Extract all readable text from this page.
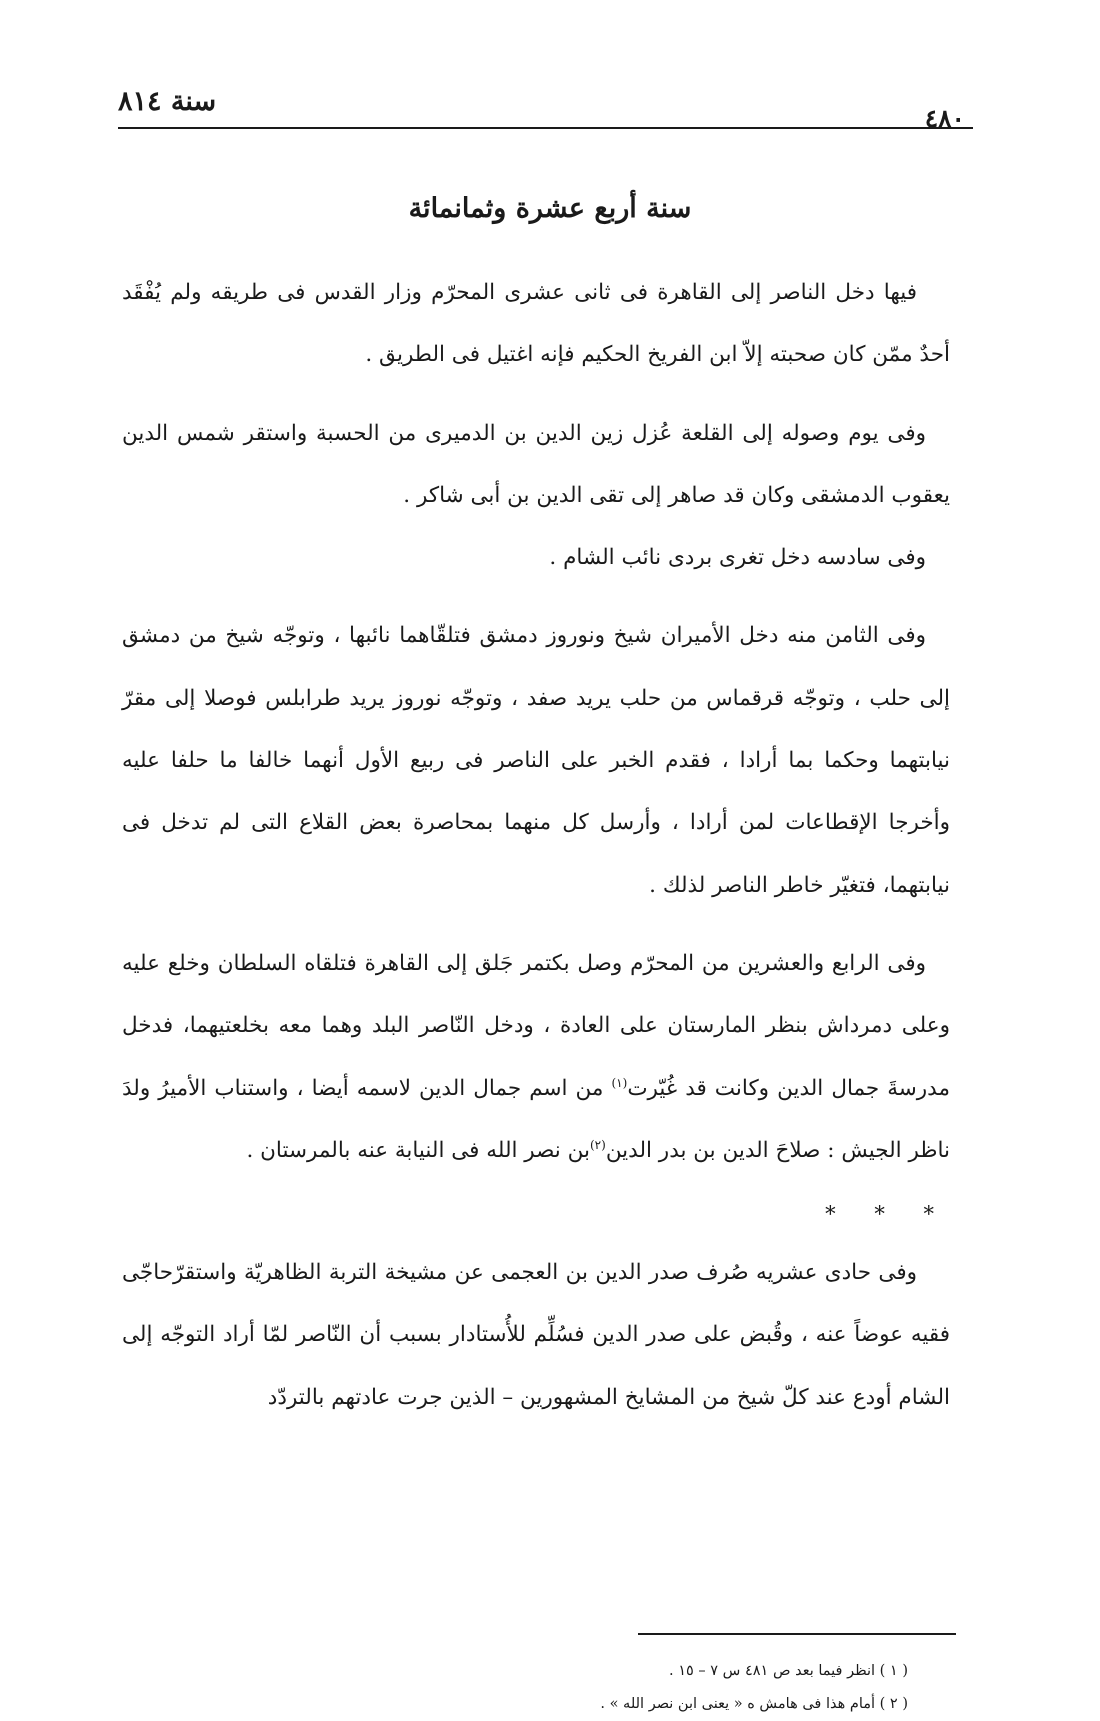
سنة ٨١٤
٤٨٠
سنة أربع عشرة وثمانمائة

فيها دخل الناصر إلى القاهرة فى ثانى عشرى المحرّم وزار القدس فى طريقه ولم يُفْقَد أحدٌ ممّن كان صحبته إلاّ ابن الفريخ الحكيم فإنه اغتيل فى الطريق .

وفى يوم وصوله إلى القلعة عُزل زين الدين بن الدميرى من الحسبة واستقر شمس الدين يعقوب الدمشقى وكان قد صاهر إلى تقى الدين بن أبى شاكر .

وفى سادسه دخل تغرى بردى نائب الشام .

وفى الثامن منه دخل الأميران شيخ ونوروز دمشق فتلقّاهما نائبها ، وتوجّه شيخ من دمشق إلى حلب ، وتوجّه قرقماس من حلب يريد صفد ، وتوجّه نوروز يريد طرابلس فوصلا إلى مقرّ نيابتهما وحكما بما أرادا ، فقدم الخبر على الناصر فى ربيع الأول أنهما خالفا ما حلفا عليه وأخرجا الإقطاعات لمن أرادا ، وأرسل كل منهما بمحاصرة بعض القلاع التى لم تدخل فى نيابتهما، فتغيّر خاطر الناصر لذلك .

وفى الرابع والعشرين من المحرّم وصل بكتمر جَلق إلى القاهرة فتلقاه السلطان وخلع عليه وعلى دمرداش بنظر المارستان على العادة ، ودخل النّاصر البلد وهما معه بخلعتيهما، فدخل مدرسةَ جمال الدين وكانت قد غُيّرت$^{(١)}$ من اسم جمال الدين لاسمه أيضا ، واستناب الأميرُ ولدَ ناظر الجيش : صلاحَ الدين بن بدر الدين$^{(٢)}$بن نصر الله فى النيابة عنه بالمرستان .

* * *

وفى حادى عشريه صُرف صدر الدين بن العجمى عن مشيخة التربة الظاهريّة واستقرّحاجّى فقيه عوضاً عنه ، وقُبض على صدر الدين فسُلِّم للأُستادار بسبب أن النّاصر لمّا أراد التوجّه إلى الشام أودع عند كلّ شيخ من المشايخ المشهورين – الذين جرت عادتهم بالتردّد

( ١ ) انظر فيما بعد ص ٤٨١ س ٧ – ١٥ .

( ٢ ) أمام هذا فى هامش ه « يعنى ابن نصر الله » .
